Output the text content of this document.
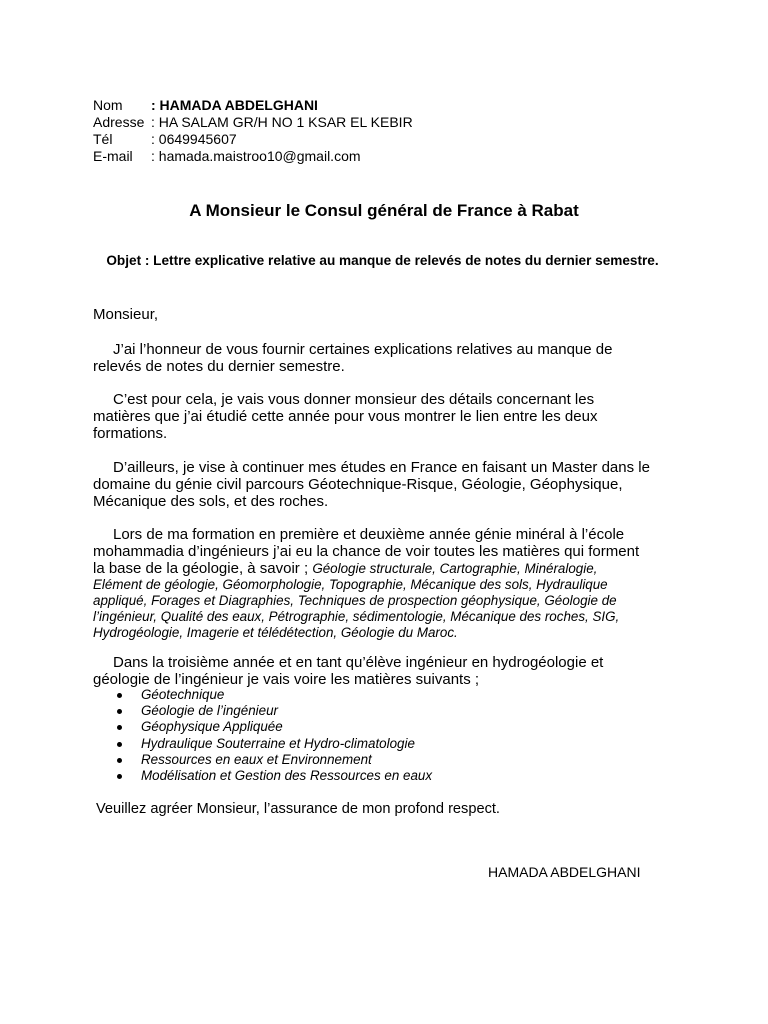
Nom : HAMADA ABDELGHANI
Adresse : HA SALAM GR/H NO 1 KSAR EL KEBIR
Tél	: 0649945607
E-mail : hamada.maistroo10@gmail.com
A Monsieur le Consul général de France à Rabat
Objet : Lettre explicative relative au manque de relevés de notes du dernier semestre.
Monsieur,
J’ai l’honneur de vous fournir certaines explications relatives au manque de
relevés de notes du dernier semestre.
C’est pour cela, je vais vous donner monsieur des détails concernant les
matières que j’ai étudié cette année pour vous montrer le lien entre les deux
formations.
D’ailleurs, je vise à continuer mes études en France en faisant un Master dans le
domaine du génie civil parcours Géotechnique-Risque, Géologie, Géophysique,
Mécanique des sols, et des roches.
Lors de ma formation en première et deuxième année génie minéral à l’école
mohammadia d’ingénieurs j’ai eu la chance de voir toutes les matières qui forment
la base de la géologie, à savoir ; Géologie structurale, Cartographie, Minéralogie,
Elément de géologie, Géomorphologie, Topographie, Mécanique des sols, Hydraulique
appliqué, Forages et Diagraphies, Techniques de prospection géophysique, Géologie de
l’ingénieur, Qualité des eaux, Pétrographie, sédimentologie, Mécanique des roches, SIG,
Hydrogéologie, Imagerie et télédétection, Géologie du Maroc.
Dans la troisième année et en tant qu’élève ingénieur en hydrogéologie et
géologie de l’ingénieur je vais voire les matières suivants ;
Géotechnique
Géologie de l’ingénieur
Géophysique Appliquée
Hydraulique Souterraine et Hydro-climatologie
Ressources en eaux et Environnement
Modélisation et Gestion des Ressources en eaux
Veuillez agréer Monsieur, l’assurance de mon profond respect.
HAMADA ABDELGHANI
